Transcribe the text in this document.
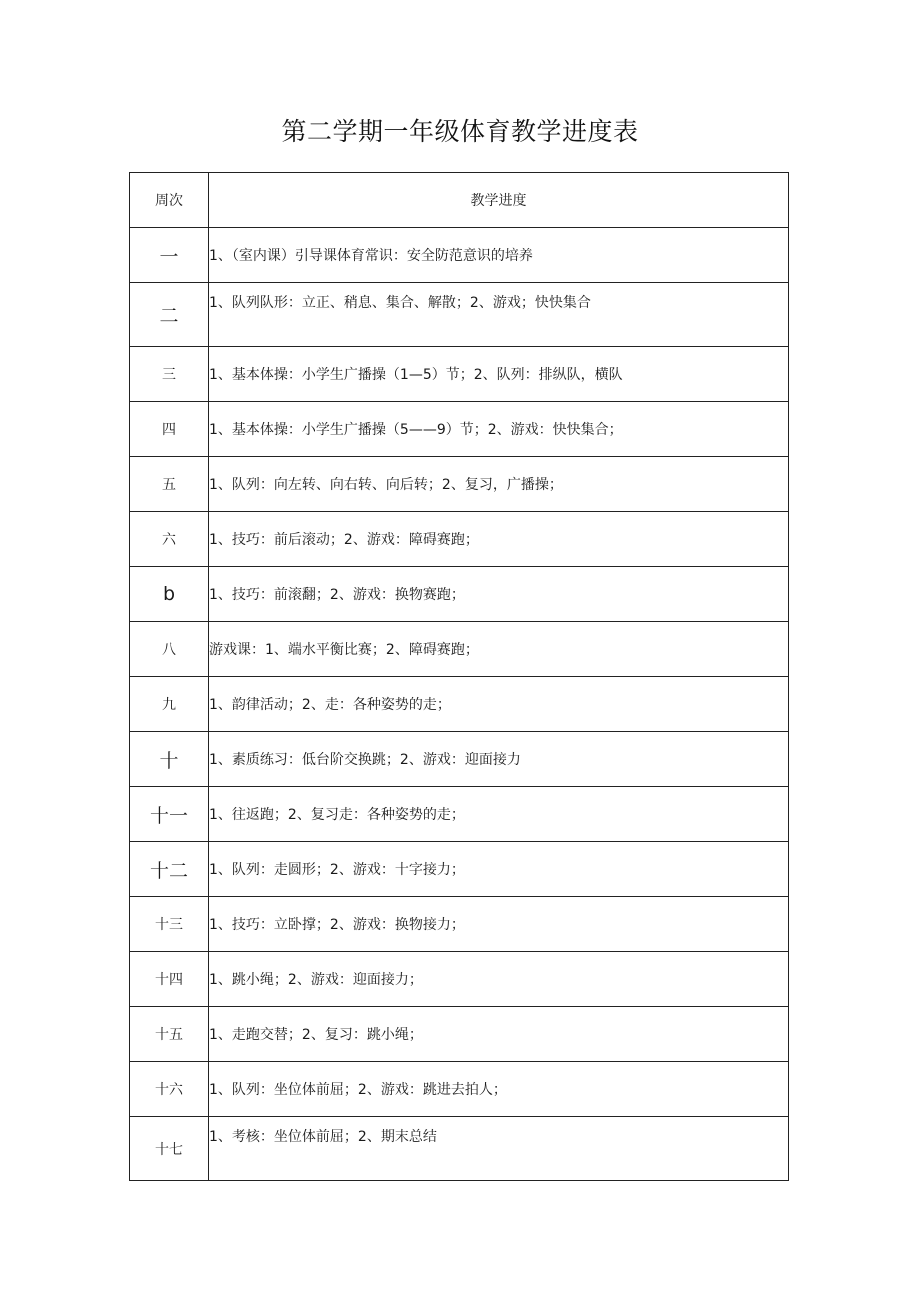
第二学期一年级体育教学进度表
周次	教学进度
一	1、（室内课）引导课体育常识：安全防范意识的培养
二	1、队列队形：立正、稍息、集合、解散；2、游戏；快快集合
三	1、基本体操：小学生广播操（1—5）节；2、队列：排纵队，横队
四	1、基本体操：小学生广播操（5——9）节；2、游戏：快快集合；
五	1、队列：向左转、向右转、向后转；2、复习，广播操；
六	1、技巧：前后滚动；2、游戏：障碍赛跑；
b	1、技巧：前滚翻；2、游戏：换物赛跑；
八	游戏课：1、端水平衡比赛；2、障碍赛跑；
九	1、韵律活动；2、走：各种姿势的走；
十	1、素质练习：低台阶交换跳；2、游戏：迎面接力
十一	1、往返跑；2、复习走：各种姿势的走；
十二	1、队列：走圆形；2、游戏：十字接力；
十三	1、技巧：立卧撑；2、游戏：换物接力；
十四	1、跳小绳；2、游戏：迎面接力；
十五	1、走跑交替；2、复习：跳小绳；
十六	1、队列：坐位体前屈；2、游戏：跳进去拍人；
十七	1、考核：坐位体前屈；2、期末总结
